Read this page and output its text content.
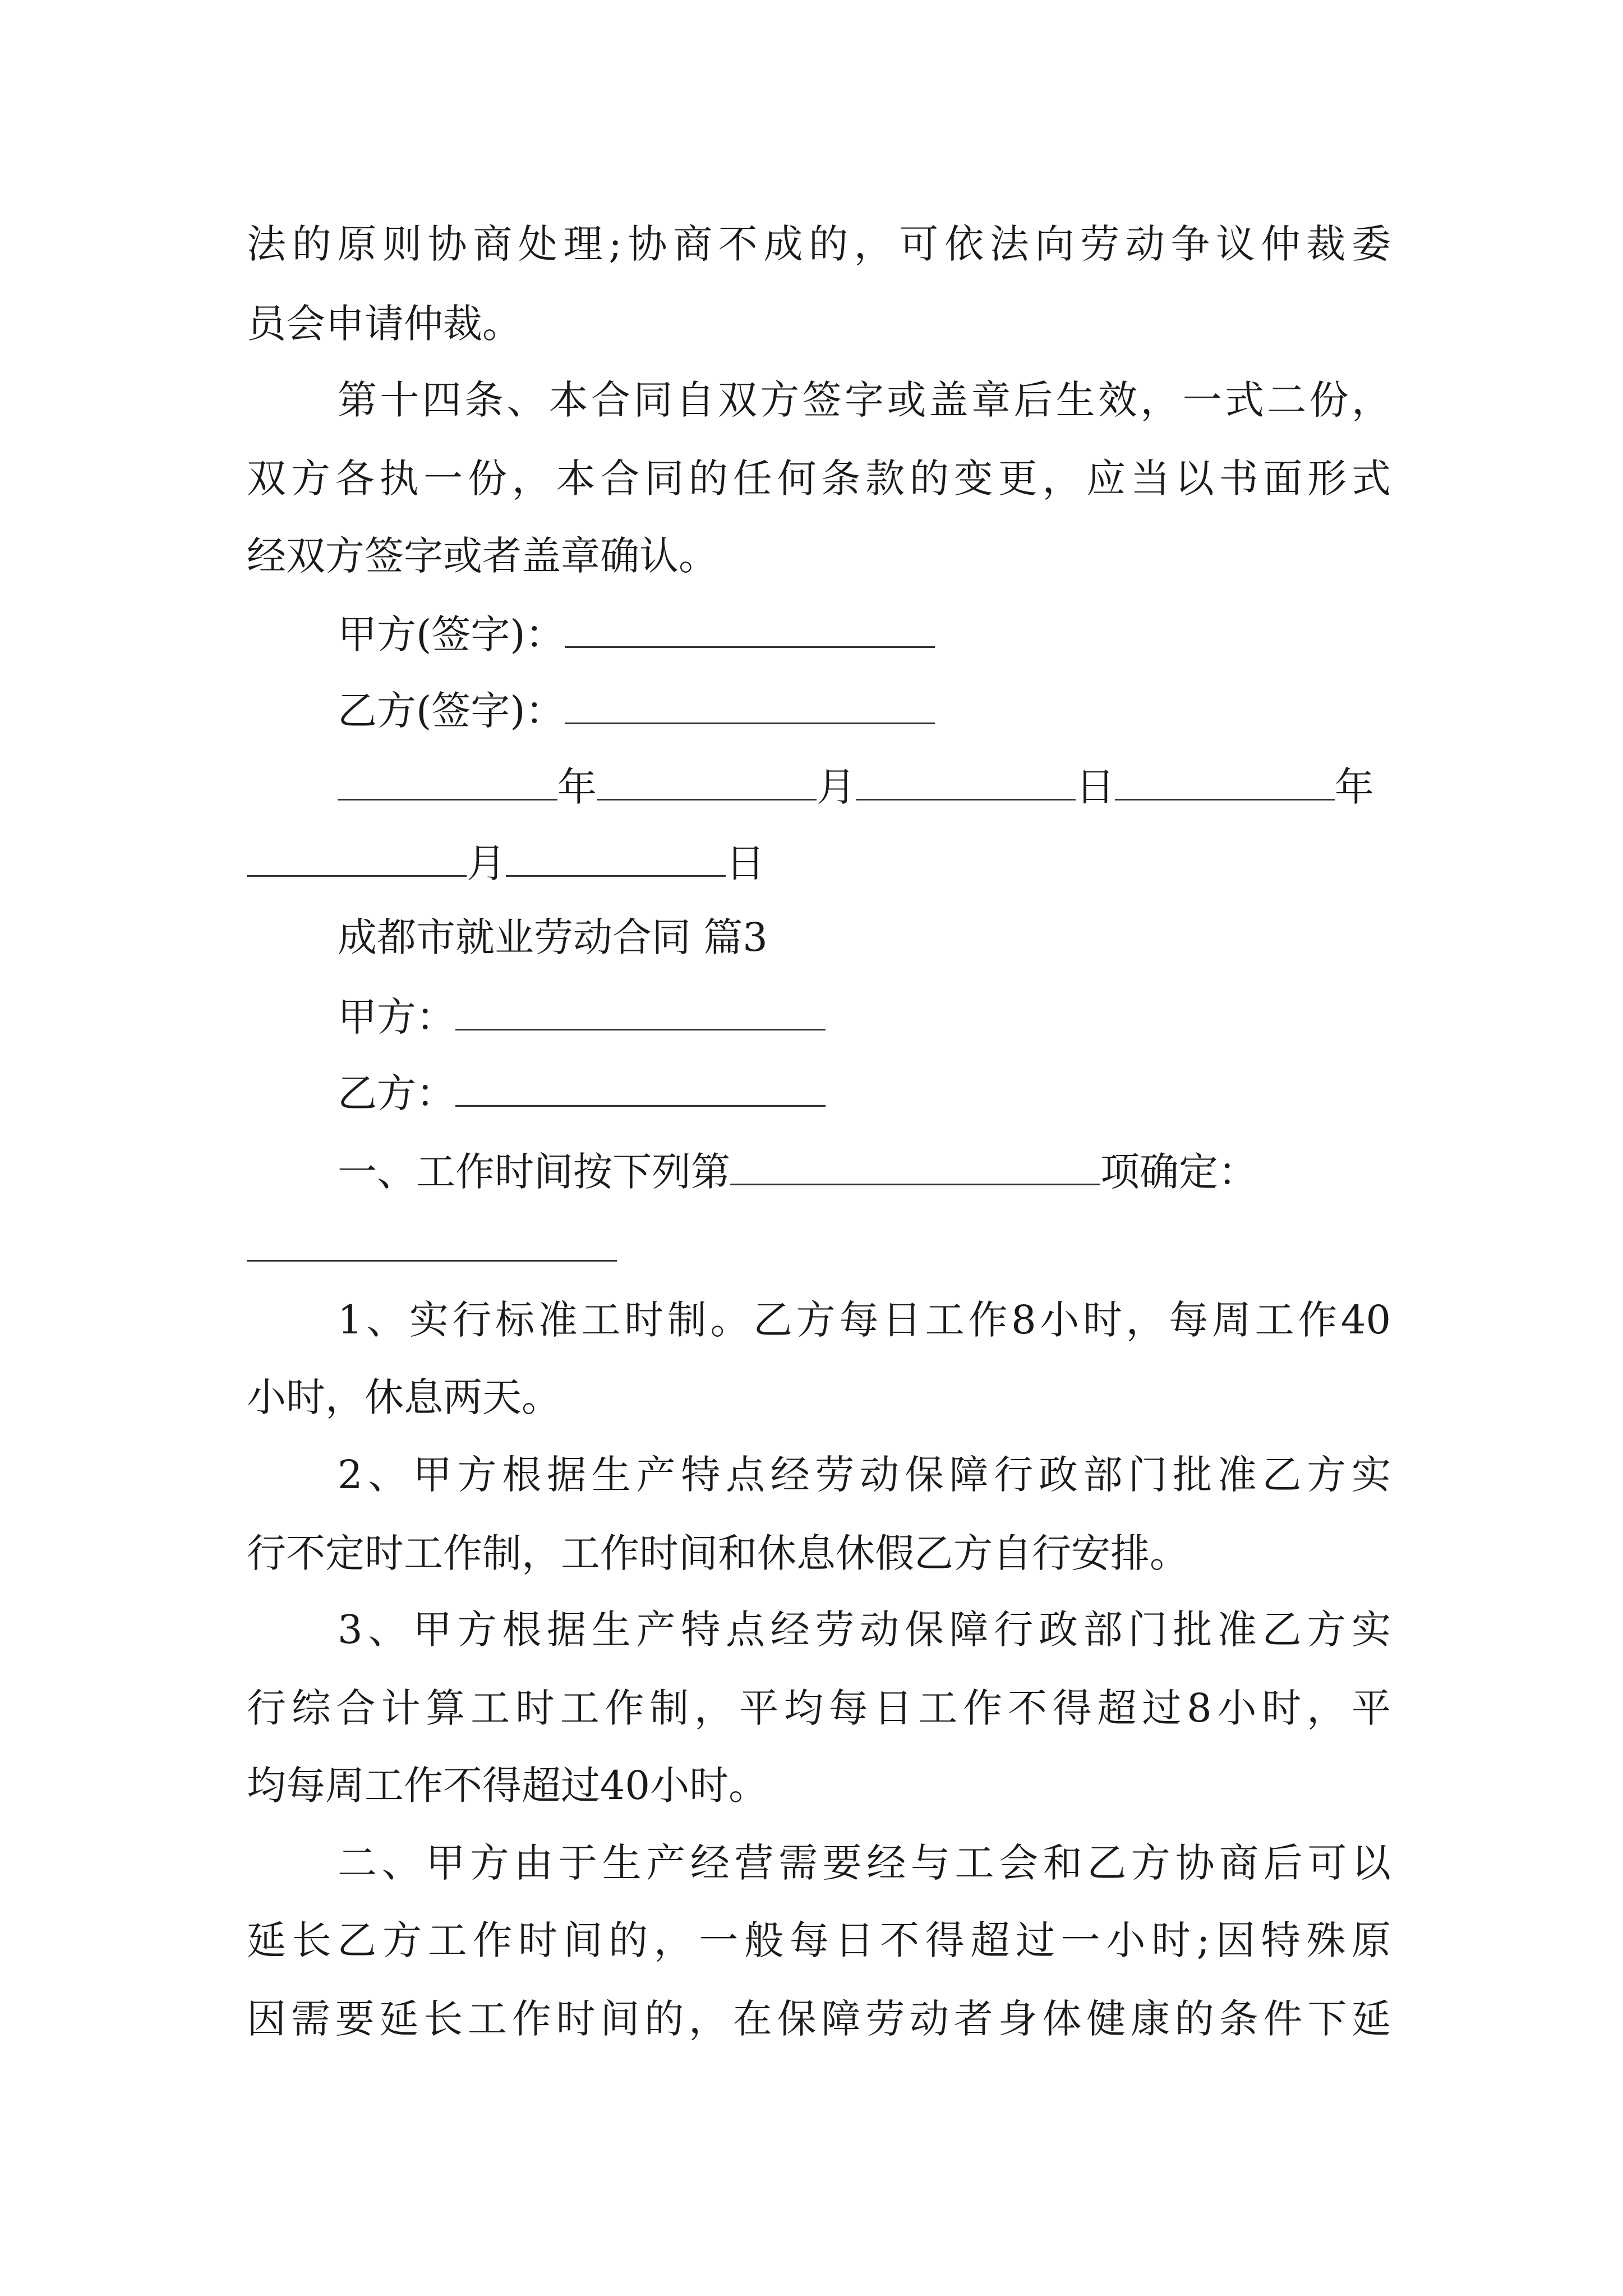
法的原则协商处理;协商不成的，可依法向劳动争议仲裁委
员会申请仲裁。
第十四条、本合同自双方签字或盖章后生效，一式二份，
双方各执一份，本合同的任何条款的变更，应当以书面形式
经双方签字或者盖章确认。
甲方(签字)：
乙方(签字)：
年	月	日	年
月	日
成都市就业劳动合同 篇3
甲方：
乙方：
一、工作时间按下列第	项确定：
1、实行标准工时制。乙方每日工作8小时，每周工作40
小时，休息两天。
2、甲方根据生产特点经劳动保障行政部门批准乙方实
行不定时工作制，工作时间和休息休假乙方自行安排。
3、甲方根据生产特点经劳动保障行政部门批准乙方实
行综合计算工时工作制，平均每日工作不得超过8小时，平
均每周工作不得超过40小时。
二、甲方由于生产经营需要经与工会和乙方协商后可以
延长乙方工作时间的，一般每日不得超过一小时;因特殊原
因需要延长工作时间的，在保障劳动者身体健康的条件下延
